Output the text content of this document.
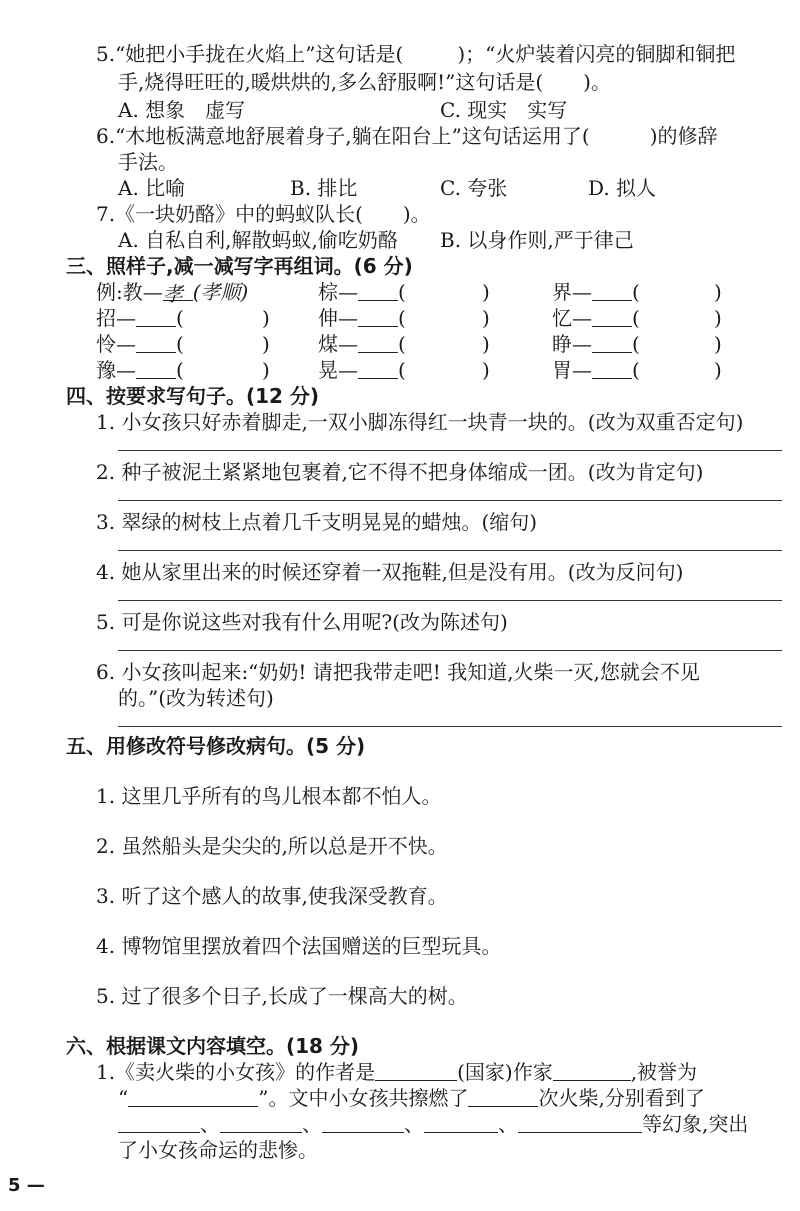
5.“她把小手拢在火焰上”这句话是(	)；“火炉装着闪亮的铜脚和铜把
手,烧得旺旺的,暖烘烘的,多么舒服啊!”这句话是(　　)。
A. 想象　虚写	C. 现实　实写
6.“木地板满意地舒展着身子,躺在阳台上”这句话运用了(　　　)的修辞
手法。
A. 比喻	B. 排比	C. 夸张	D. 拟人
7.《一块奶酪》中的蚂蚁队长(　　)。
A. 自私自利,解散蚂蚁,偷吃奶酪 B. 以身作则,严于律己
三、照样子,减一减写字再组词。(6 分)
例:教—孝 (孝顺)	棕— (	)	界— (	)
招— (	) 伸— (	)	忆— (	)
怜— (	) 煤— (	)	睁— (	)
豫— (	) 晃— (	)	胃— (	)
四、按要求写句子。(12 分)
1. 小女孩只好赤着脚走,一双小脚冻得红一块青一块的。(改为双重否定句)
2. 种子被泥土紧紧地包裹着,它不得不把身体缩成一团。(改为肯定句)
3. 翠绿的树枝上点着几千支明晃晃的蜡烛。(缩句)
4. 她从家里出来的时候还穿着一双拖鞋,但是没有用。(改为反问句)
5. 可是你说这些对我有什么用呢?(改为陈述句)
6. 小女孩叫起来:“奶奶! 请把我带走吧! 我知道,火柴一灭,您就会不见
的。”(改为转述句)
五、用修改符号修改病句。(5 分)
1. 这里几乎所有的鸟儿根本都不怕人。
2. 虽然船头是尖尖的,所以总是开不快。
3. 听了这个感人的故事,使我深受教育。
4. 博物馆里摆放着四个法国赠送的巨型玩具。
5. 过了很多个日子,长成了一棵高大的树。
六、根据课文内容填空。(18 分)
1.《卖火柴的小女孩》的作者是	(国家)作家	,被誉为
“	”。文中小女孩共擦燃了	次火柴,分别看到了
、	、	、	、	等幻象,突出
了小女孩命运的悲惨。
5 —
